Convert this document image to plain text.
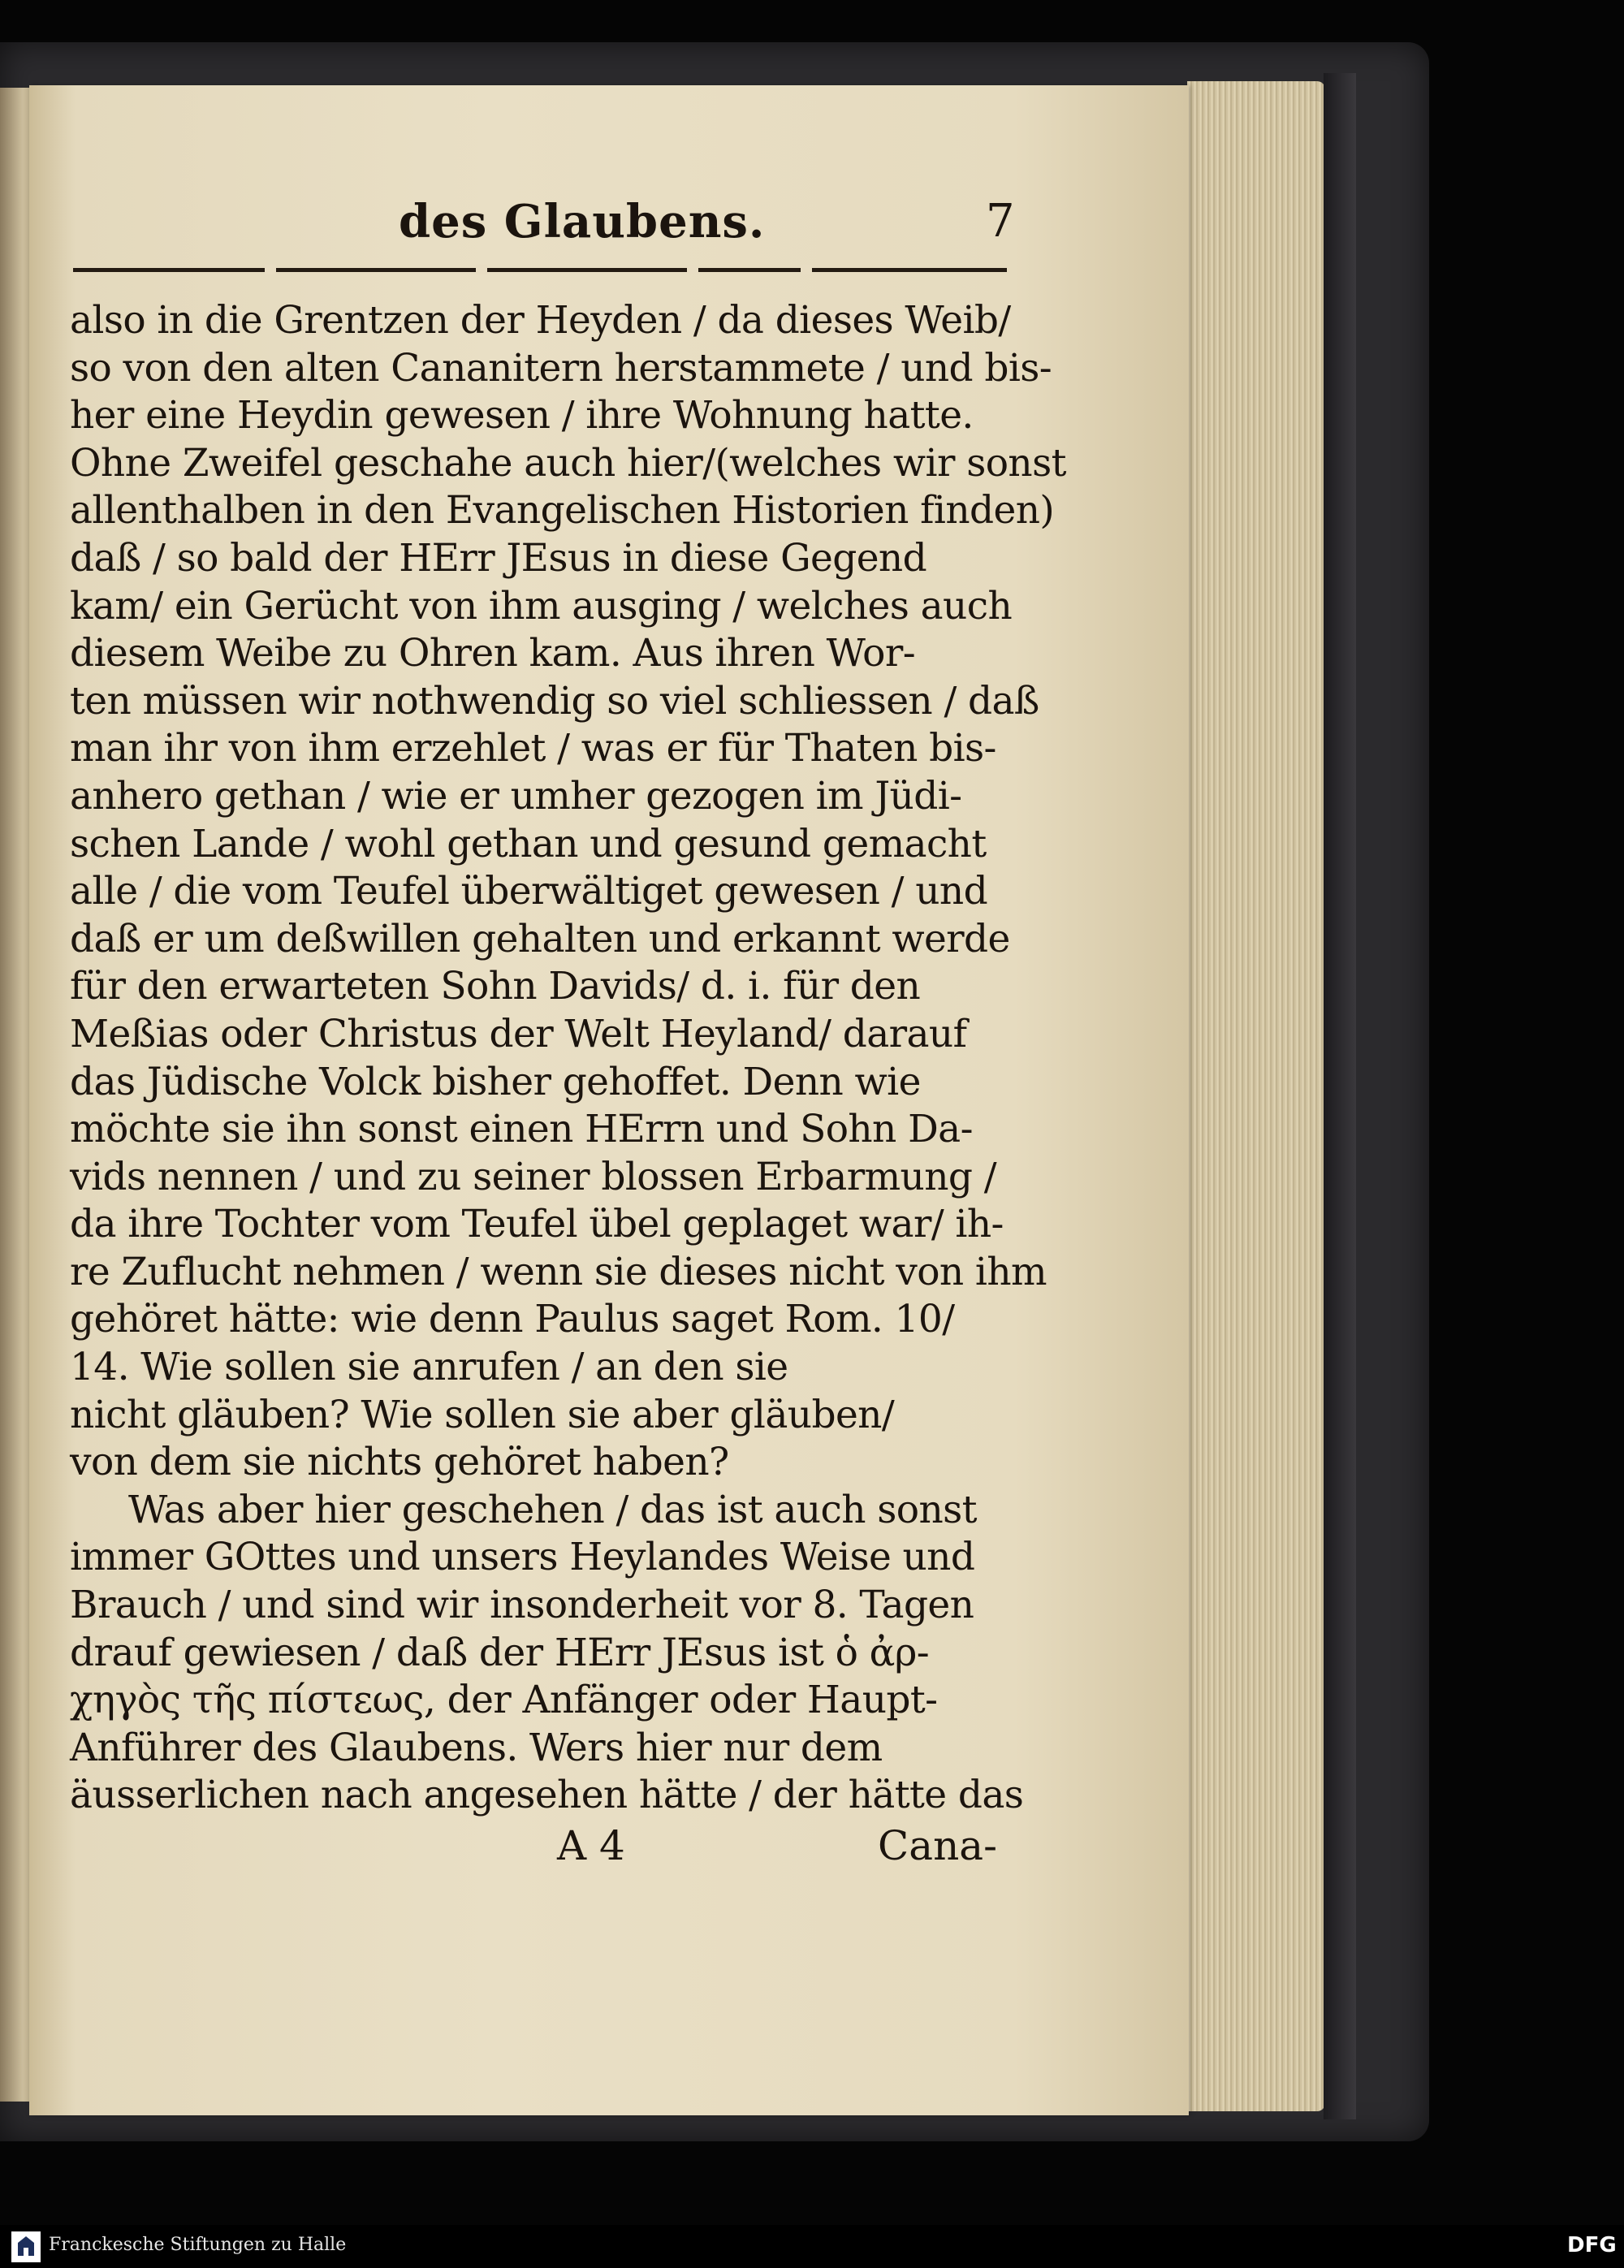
des Glaubens.	7
also in die Grentzen der Heyden / da dieses Weib/
so von den alten Cananitern herstammete / und bis-
her eine Heydin gewesen / ihre Wohnung hatte.
Ohne Zweifel geschahe auch hier/(welches wir sonst
allenthalben in den Evangelischen Historien finden)
daß / so bald der HErr JEsus in diese Gegend
kam/ ein Gerücht von ihm ausging / welches auch
diesem Weibe zu Ohren kam. Aus ihren Wor-
ten müssen wir nothwendig so viel schliessen / daß
man ihr von ihm erzehlet / was er für Thaten bis-
anhero gethan / wie er umher gezogen im Jüdi-
schen Lande / wohl gethan und gesund gemacht
alle / die vom Teufel überwältiget gewesen / und
daß er um deßwillen gehalten und erkannt werde
für den erwarteten Sohn Davids/ d. i. für den
Meßias oder Christus der Welt Heyland/ darauf
das Jüdische Volck bisher gehoffet. Denn wie
möchte sie ihn sonst einen HErrn und Sohn Da-
vids nennen / und zu seiner blossen Erbarmung /
da ihre Tochter vom Teufel übel geplaget war/ ih-
re Zuflucht nehmen / wenn sie dieses nicht von ihm
gehöret hätte: wie denn Paulus saget Rom. 10/
14. Wie sollen sie anrufen / an den sie
nicht gläuben? Wie sollen sie aber gläuben/
von dem sie nichts gehöret haben?
Was aber hier geschehen / das ist auch sonst
immer GOttes und unsers Heylandes Weise und
Brauch / und sind wir insonderheit vor 8. Tagen
drauf gewiesen / daß der HErr JEsus ist ὁ ἀρ-
χηγὸς τῆς πίστεως, der Anfänger oder Haupt-
Anführer des Glaubens. Wers hier nur dem
äusserlichen nach angesehen hätte / der hätte das
A 4	Cana-
Franckesche Stiftungen zu Halle	DFG
